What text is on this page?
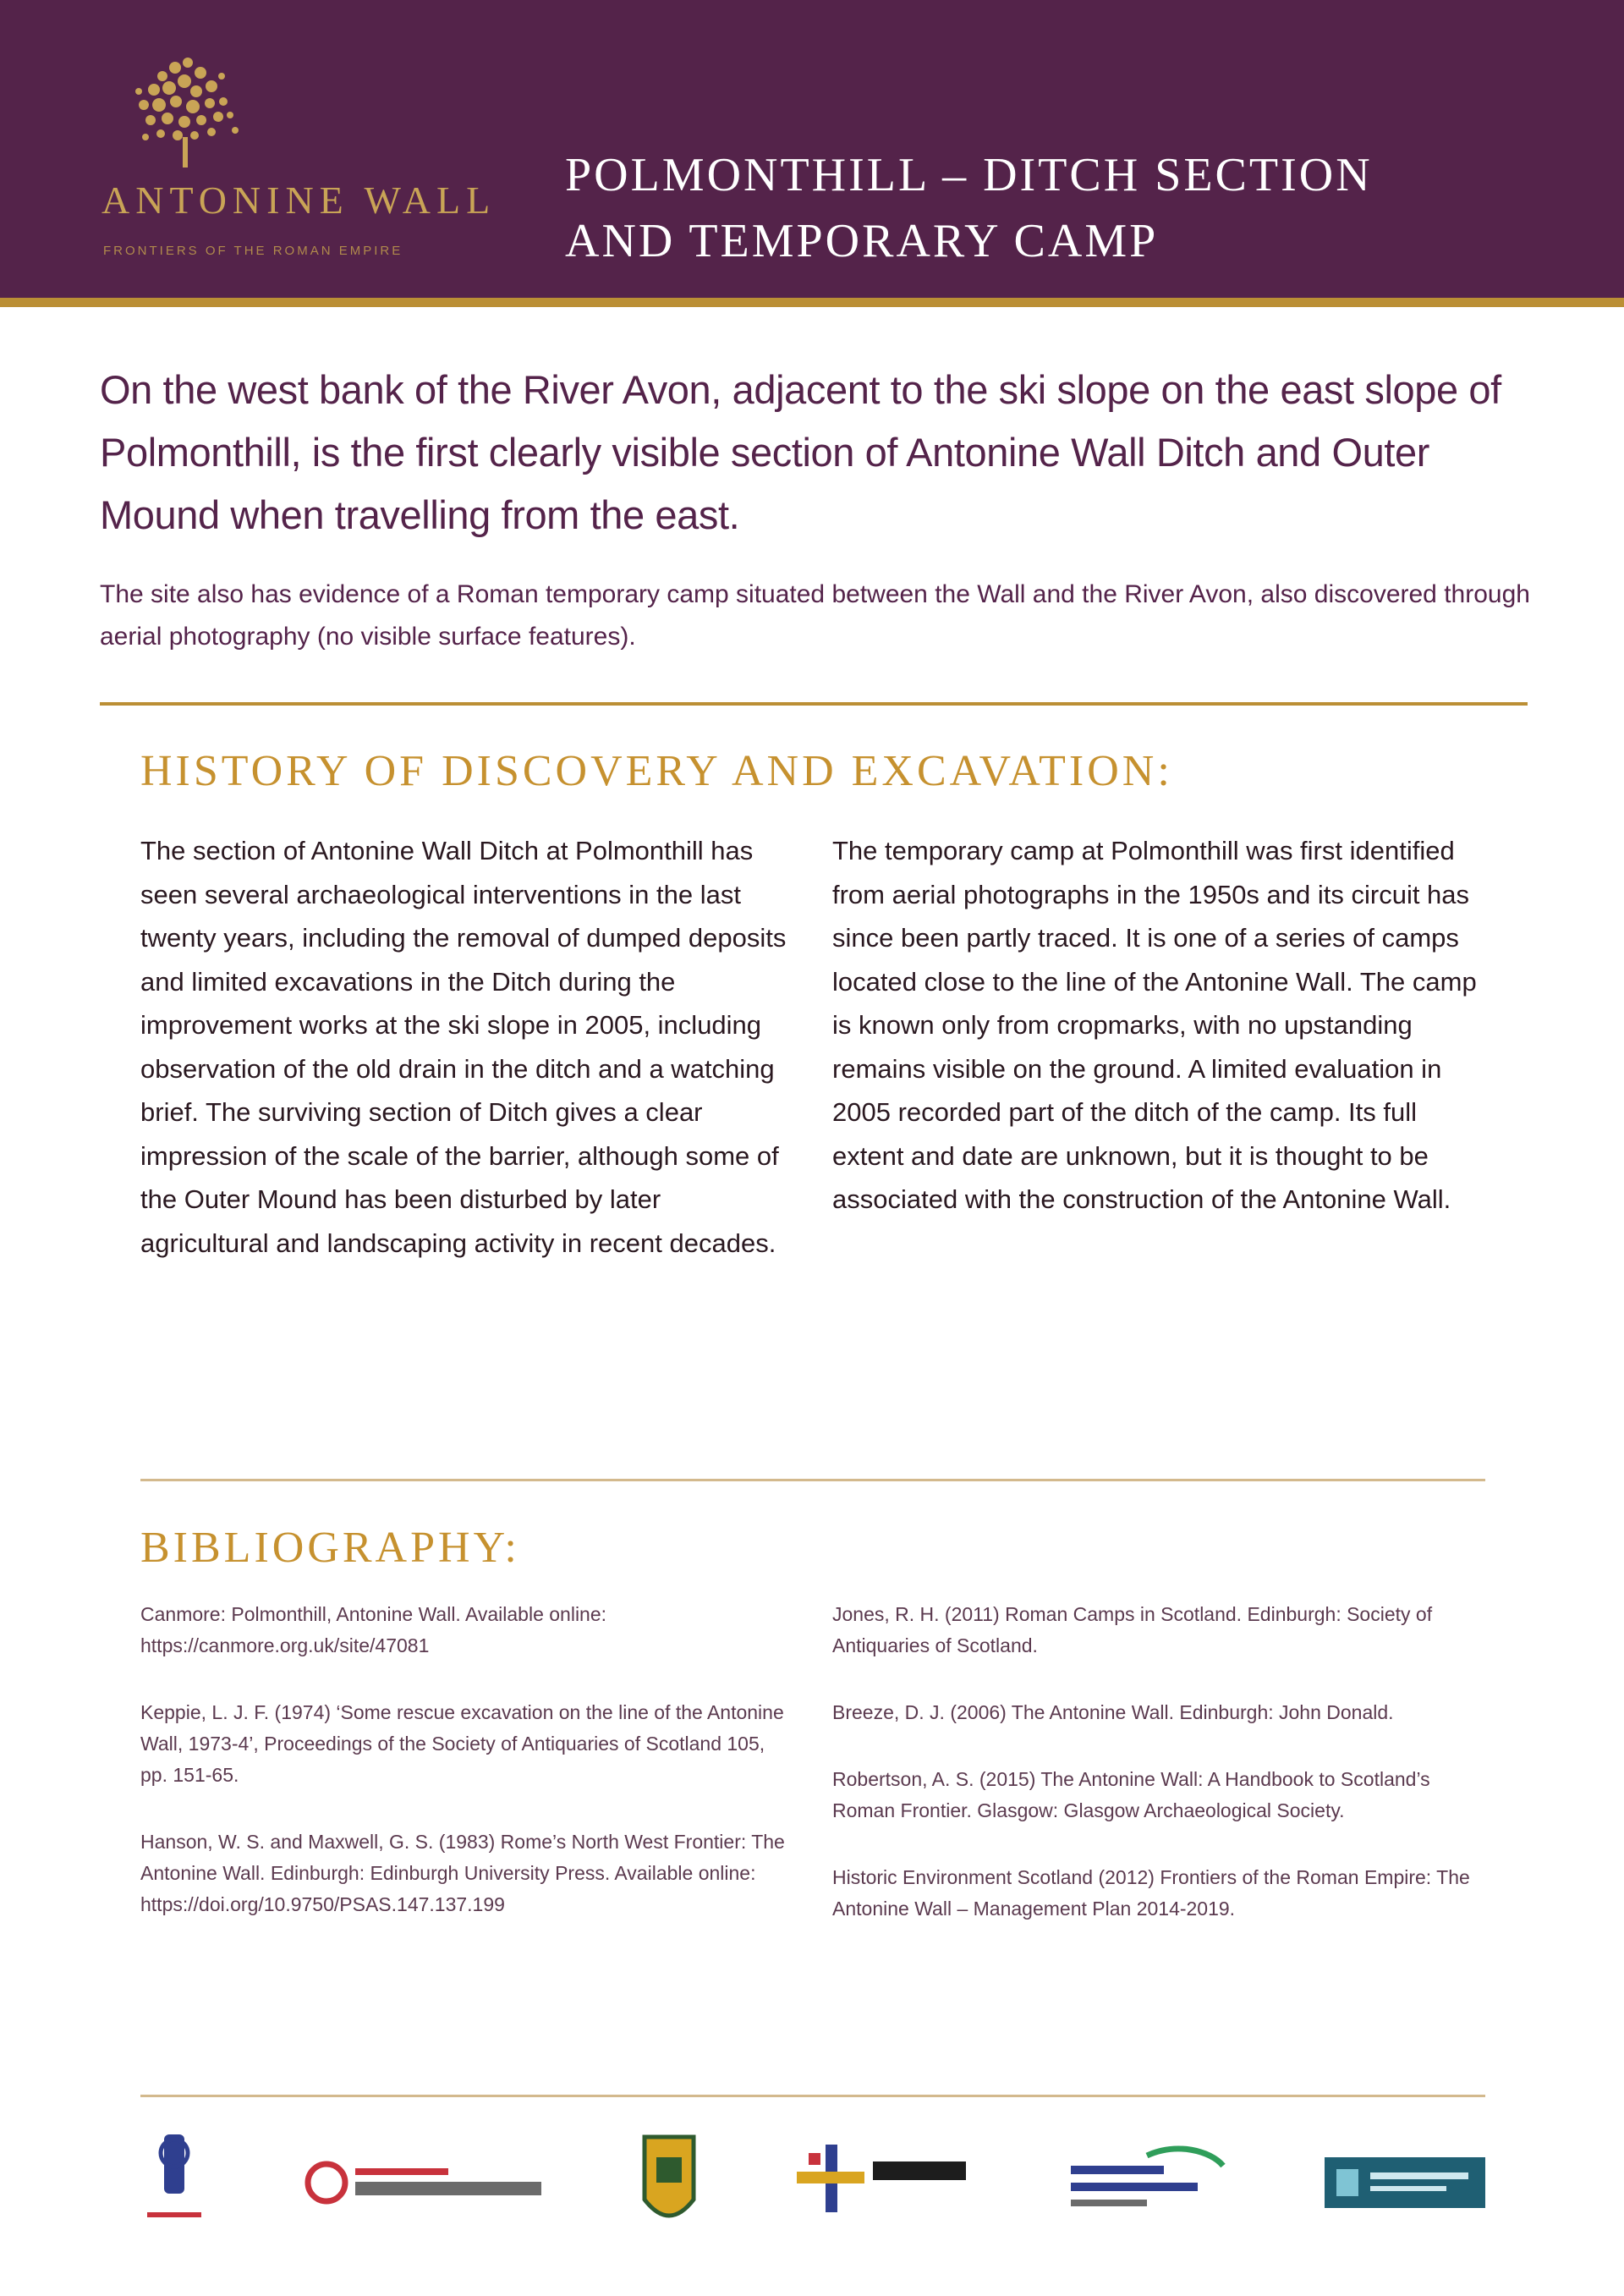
ANTONINE WALL
FRONTIERS OF THE ROMAN EMPIRE
POLMONTHILL – DITCH SECTION
AND TEMPORARY CAMP

On the west bank of the River Avon, adjacent to the ski slope on the east slope of Polmonthill, is the first clearly visible section of Antonine Wall Ditch and Outer Mound when travelling from the east.

The site also has evidence of a Roman temporary camp situated between the Wall and the River Avon, also discovered through aerial photography (no visible surface features).

HISTORY OF DISCOVERY AND EXCAVATION:

The section of Antonine Wall Ditch at Polmonthill has seen several archaeological interventions in the last twenty years, including the removal of dumped deposits and limited excavations in the Ditch during the improvement works at the ski slope in 2005, including observation of the old drain in the ditch and a watching brief. The surviving section of Ditch gives a clear impression of the scale of the barrier, although some of the Outer Mound has been disturbed by later agricultural and landscaping activity in recent decades.

The temporary camp at Polmonthill was first identified from aerial photographs in the 1950s and its circuit has since been partly traced. It is one of a series of camps located close to the line of the Antonine Wall. The camp is known only from cropmarks, with no upstanding remains visible on the ground. A limited evaluation in 2005 recorded part of the ditch of the camp. Its full extent and date are unknown, but it is thought to be associated with the construction of the Antonine Wall.

BIBLIOGRAPHY:

Canmore: Polmonthill, Antonine Wall. Available online: https://canmore.org.uk/site/47081

Keppie, L. J. F. (1974) ‘Some rescue excavation on the line of the Antonine Wall, 1973-4’, Proceedings of the Society of Antiquaries of Scotland 105, pp. 151-65.

Hanson, W. S. and Maxwell, G. S. (1983) Rome’s North West Frontier: The Antonine Wall. Edinburgh: Edinburgh University Press. Available online: https://doi.org/10.9750/PSAS.147.137.199

Jones, R. H. (2011) Roman Camps in Scotland. Edinburgh: Society of Antiquaries of Scotland.

Breeze, D. J. (2006) The Antonine Wall. Edinburgh: John Donald.

Robertson, A. S. (2015) The Antonine Wall: A Handbook to Scotland’s Roman Frontier. Glasgow: Glasgow Archaeological Society.

Historic Environment Scotland (2012) Frontiers of the Roman Empire: The Antonine Wall – Management Plan 2014-2019.
